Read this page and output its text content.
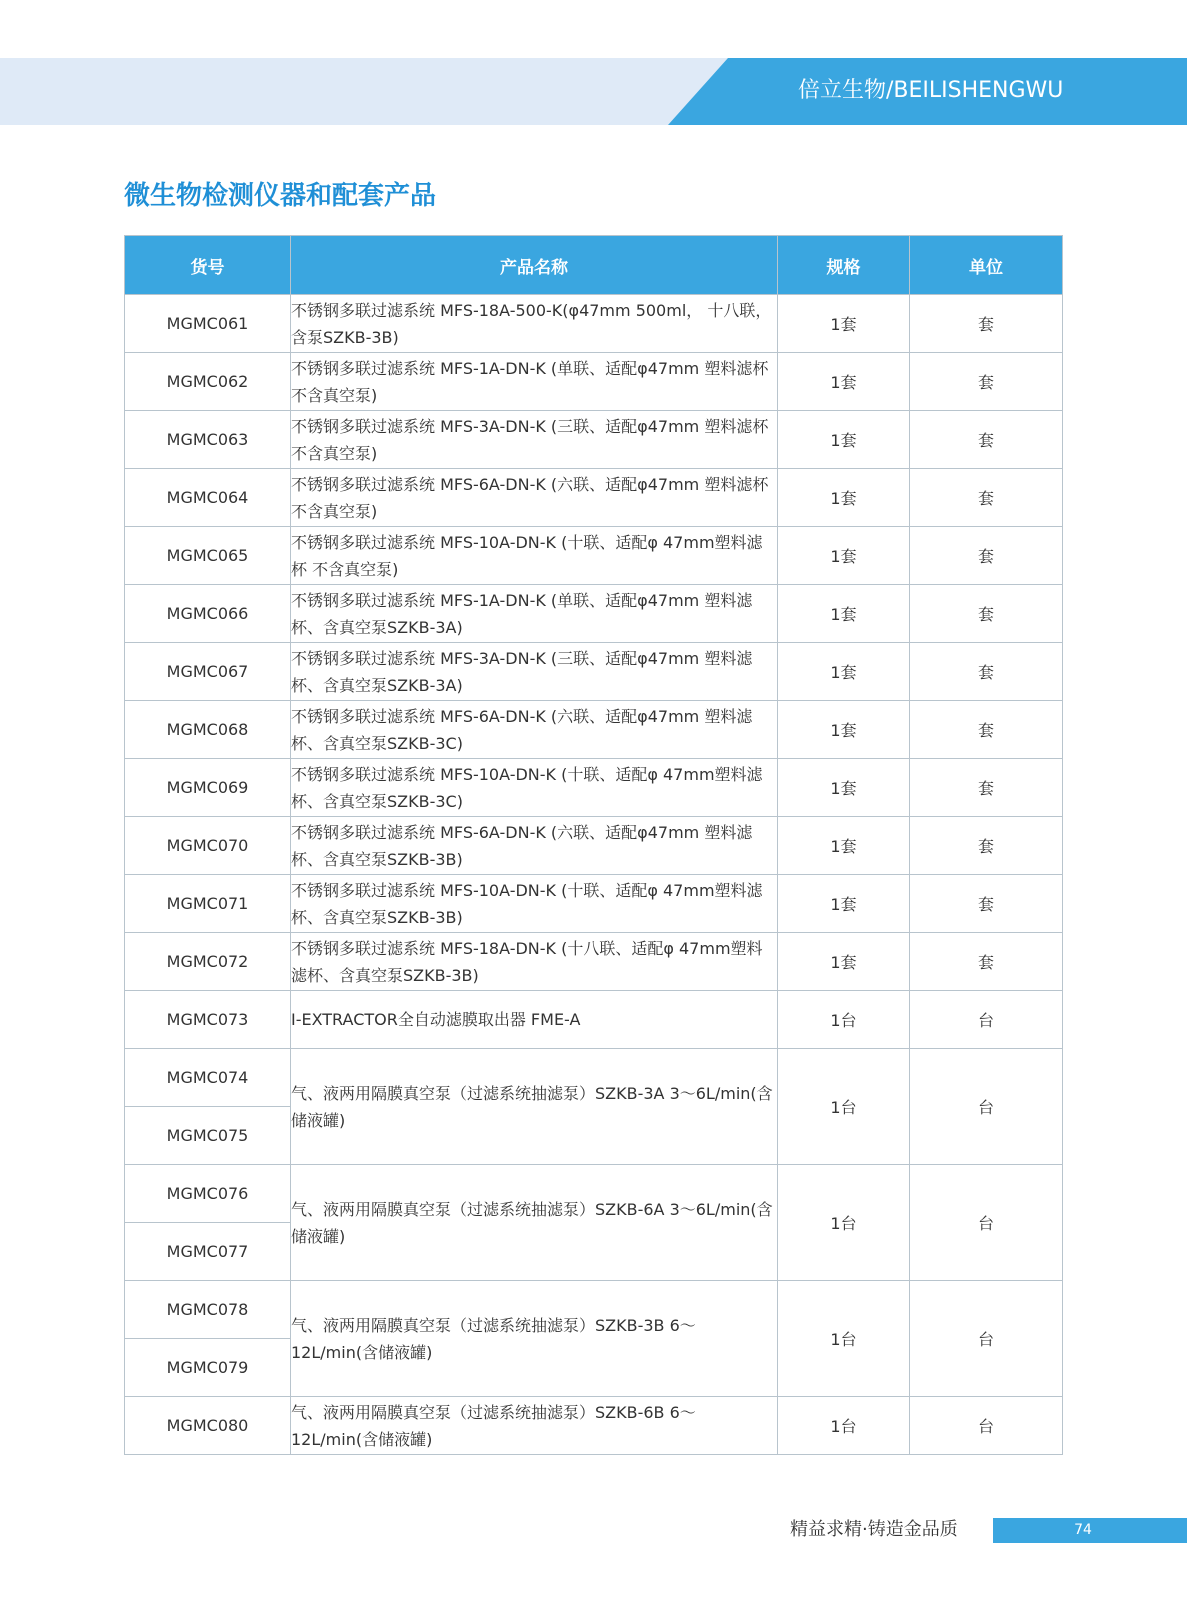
倍立生物/BEILISHENGWU
微生物检测仪器和配套产品
货号	产品名称	规格	单位
MGMC061	不锈钢多联过滤系统 MFS-18A-500-K(φ47mm 500ml， 十八联，含泵SZKB-3B)	1套	套
MGMC062	不锈钢多联过滤系统 MFS-1A-DN-K (单联、适配φ47mm 塑料滤杯 不含真空泵)	1套	套
MGMC063	不锈钢多联过滤系统 MFS-3A-DN-K (三联、适配φ47mm 塑料滤杯 不含真空泵)	1套	套
MGMC064	不锈钢多联过滤系统 MFS-6A-DN-K (六联、适配φ47mm 塑料滤杯 不含真空泵)	1套	套
MGMC065	不锈钢多联过滤系统 MFS-10A-DN-K (十联、适配φ 47mm塑料滤杯 不含真空泵)	1套	套
MGMC066	不锈钢多联过滤系统 MFS-1A-DN-K (单联、适配φ47mm 塑料滤杯、含真空泵SZKB-3A)	1套	套
MGMC067	不锈钢多联过滤系统 MFS-3A-DN-K (三联、适配φ47mm 塑料滤杯、含真空泵SZKB-3A)	1套	套
MGMC068	不锈钢多联过滤系统 MFS-6A-DN-K (六联、适配φ47mm 塑料滤杯、含真空泵SZKB-3C)	1套	套
MGMC069	不锈钢多联过滤系统 MFS-10A-DN-K (十联、适配φ 47mm塑料滤杯、含真空泵SZKB-3C)	1套	套
MGMC070	不锈钢多联过滤系统 MFS-6A-DN-K (六联、适配φ47mm 塑料滤杯、含真空泵SZKB-3B)	1套	套
MGMC071	不锈钢多联过滤系统 MFS-10A-DN-K (十联、适配φ 47mm塑料滤杯、含真空泵SZKB-3B)	1套	套
MGMC072	不锈钢多联过滤系统 MFS-18A-DN-K (十八联、适配φ 47mm塑料滤杯、含真空泵SZKB-3B)	1套	套
MGMC073	I-EXTRACTOR全自动滤膜取出器 FME-A	1台	台
MGMC074	气、液两用隔膜真空泵（过滤系统抽滤泵）SZKB-3A 3～6L/min(含储液罐)	1台	台
MGMC075			
MGMC076	气、液两用隔膜真空泵（过滤系统抽滤泵）SZKB-6A 3～6L/min(含储液罐)	1台	台
MGMC077			
MGMC078	气、液两用隔膜真空泵（过滤系统抽滤泵）SZKB-3B 6～12L/min(含储液罐)	1台	台
MGMC079			
MGMC080	气、液两用隔膜真空泵（过滤系统抽滤泵）SZKB-6B 6～12L/min(含储液罐)	1台	台
精益求精·铸造金品质	74
